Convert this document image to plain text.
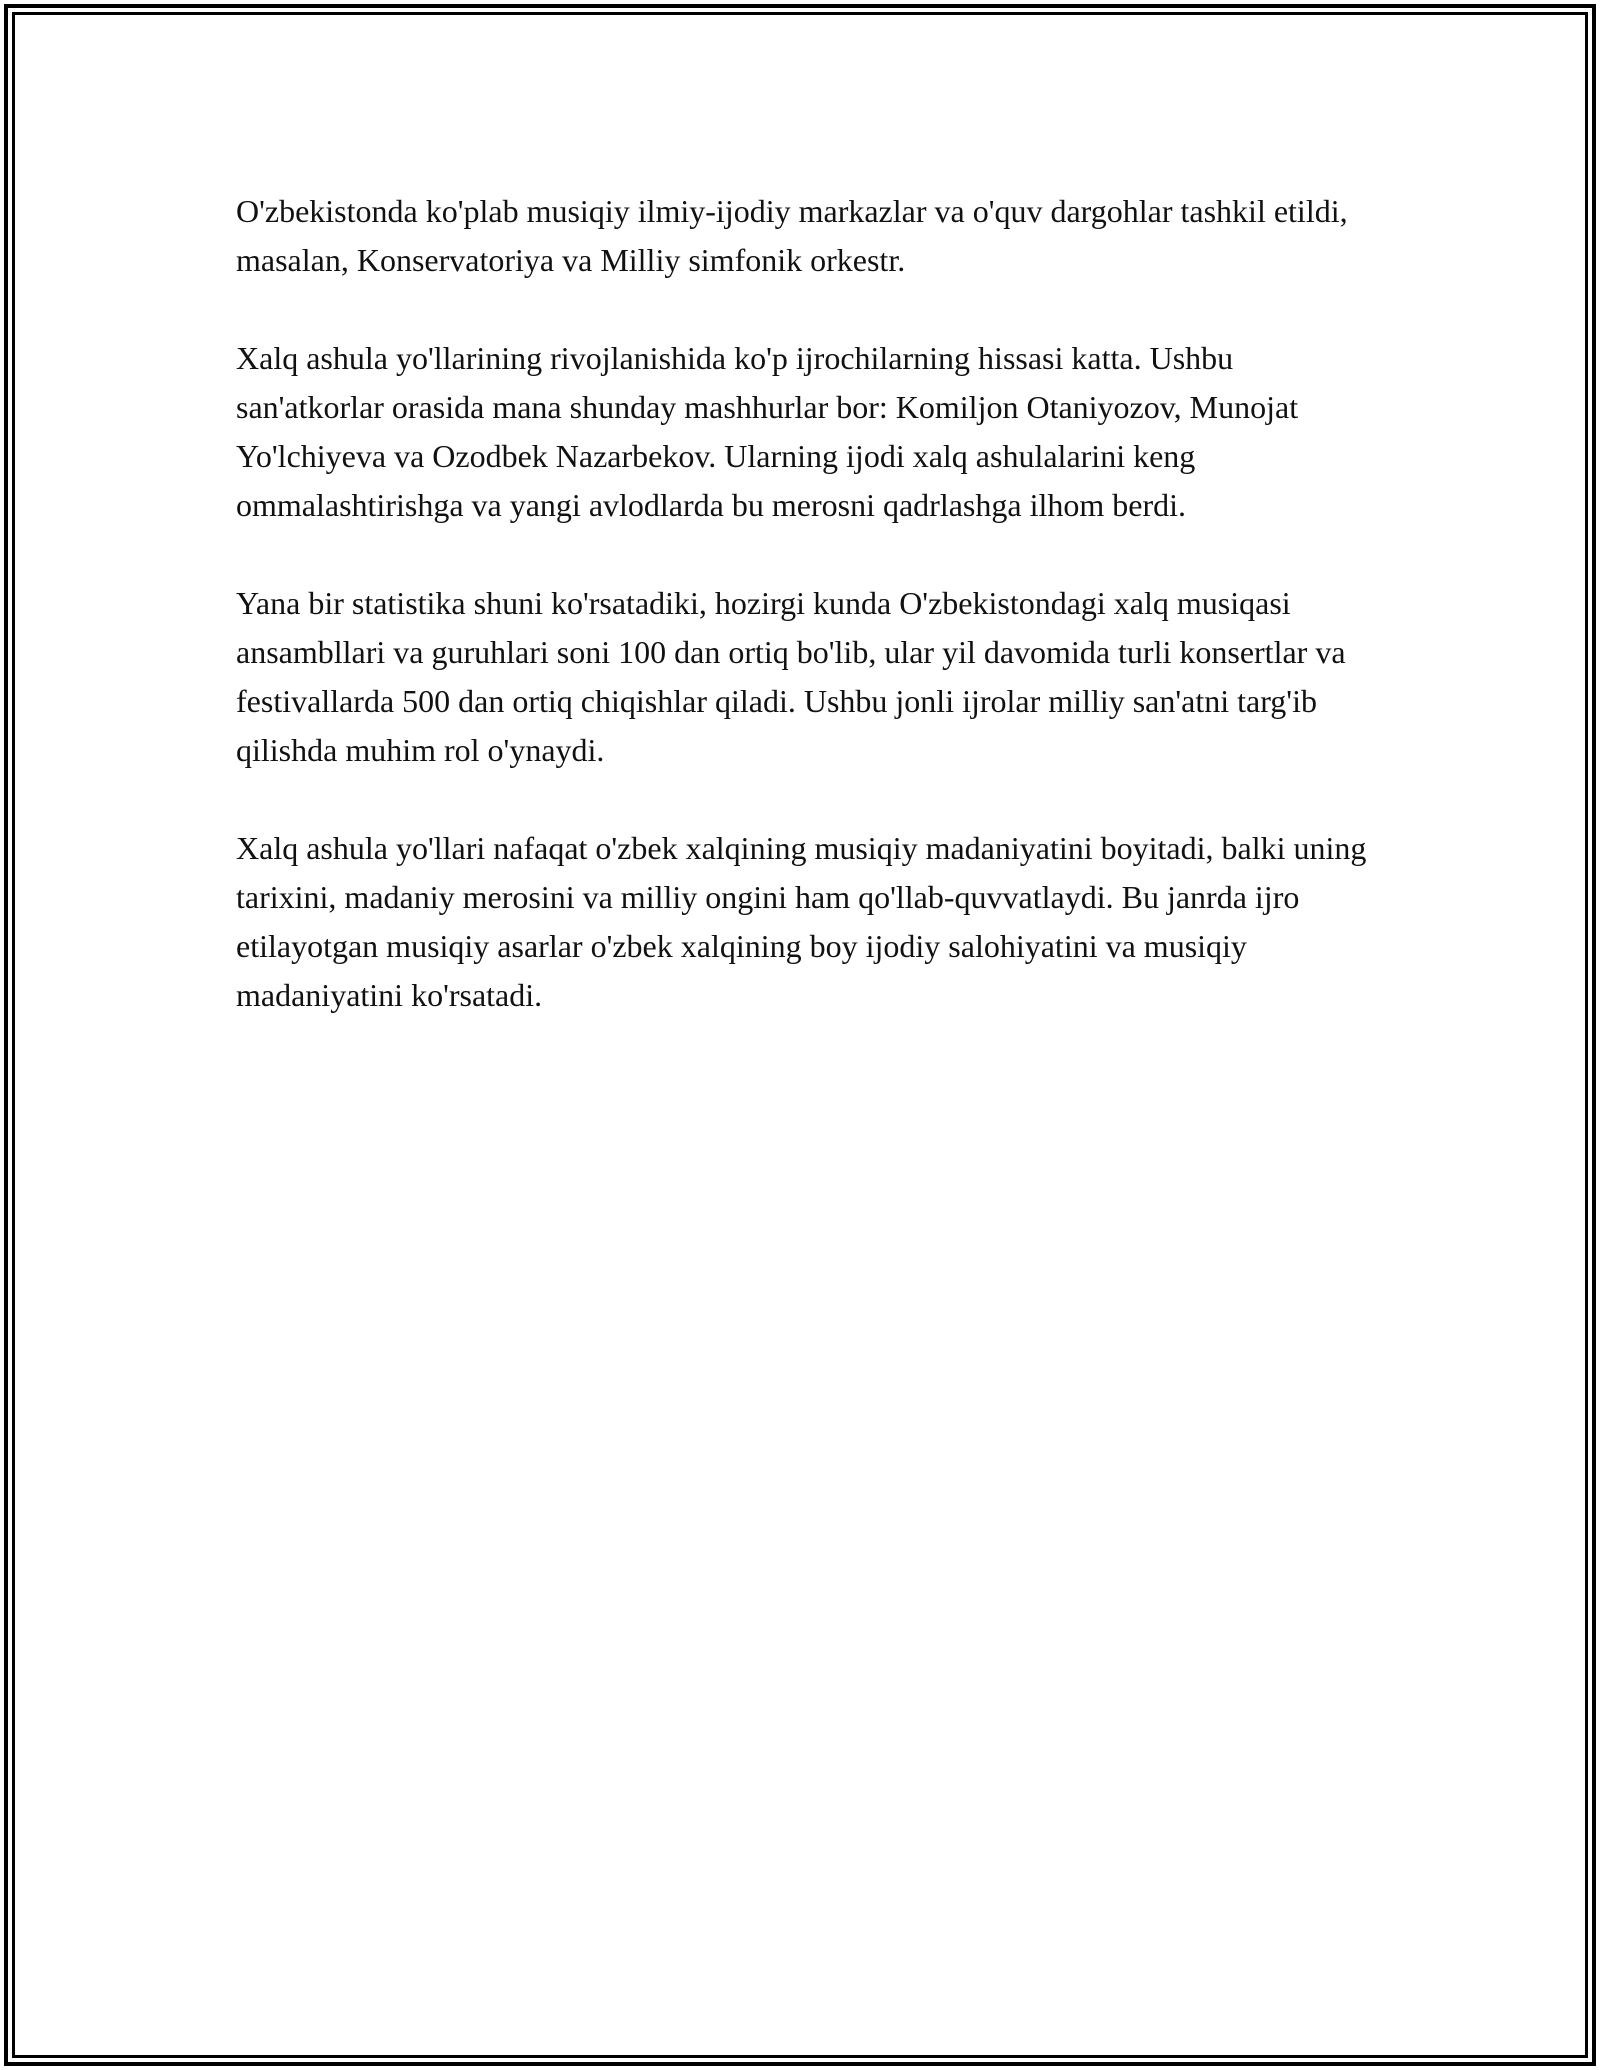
O'zbekistonda ko'plab musiqiy ilmiy-ijodiy markazlar va o'quv dargohlar tashkil etildi, masalan, Konservatoriya va Milliy simfonik orkestr.

Xalq ashula yo'llarining rivojlanishida ko'p ijrochilarning hissasi katta. Ushbu san'atkorlar orasida mana shunday mashhurlar bor: Komiljon Otaniyozov, Munojat Yo'lchiyeva va Ozodbek Nazarbekov. Ularning ijodi xalq ashulalarini keng ommalashtirishga va yangi avlodlarda bu merosni qadrlashga ilhom berdi.

Yana bir statistika shuni ko'rsatadiki, hozirgi kunda O'zbekistondagi xalq musiqasi ansambllari va guruhlari soni 100 dan ortiq bo'lib, ular yil davomida turli konsertlar va festivallarda 500 dan ortiq chiqishlar qiladi. Ushbu jonli ijrolar milliy san'atni targ'ib qilishda muhim rol o'ynaydi.

Xalq ashula yo'llari nafaqat o'zbek xalqining musiqiy madaniyatini boyitadi, balki uning tarixini, madaniy merosini va milliy ongini ham qo'llab-quvvatlaydi. Bu janrda ijro etilayotgan musiqiy asarlar o'zbek xalqining boy ijodiy salohiyatini va musiqiy madaniyatini ko'rsatadi.
